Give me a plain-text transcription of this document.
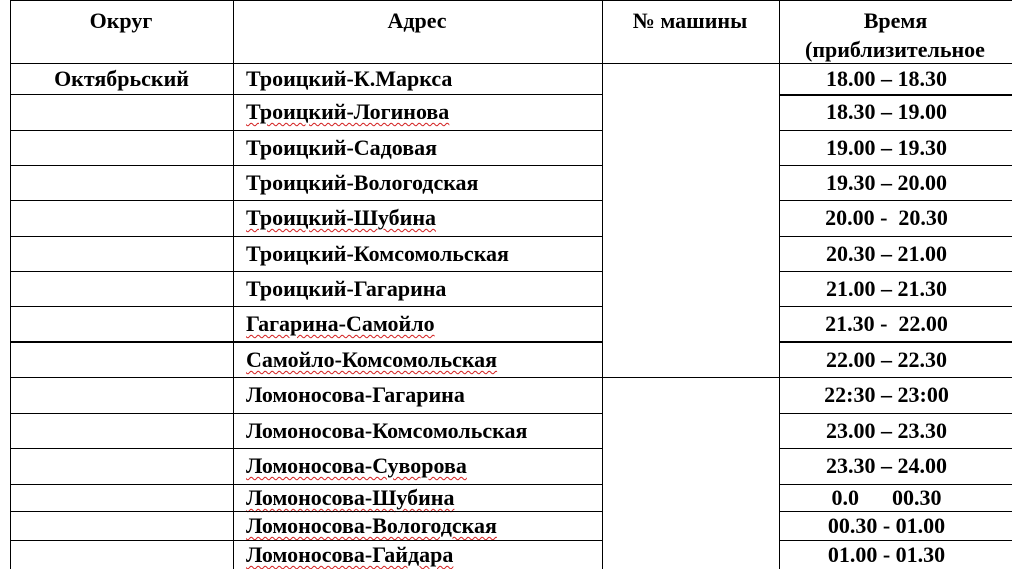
Округ	Адрес	№ машины	Время
(приблизительное
Октябрьский	Троицкий-К.Маркса	18.00 – 18.30
Троицкий-Логинова	18.30 – 19.00
Троицкий-Садовая	19.00 – 19.30
Троицкий-Вологодская	19.30 – 20.00
Троицкий-Шубина	20.00 -  20.30
Троицкий-Комсомольская	20.30 – 21.00
Троицкий-Гагарина	21.00 – 21.30
Гагарина-Самойло	21.30 -  22.00
Самойло-Комсомольская	22.00 – 22.30
Ломоносова-Гагарина	22:30 – 23:00
Ломоносова-Комсомольская	23.00 – 23.30
Ломоносова-Суворова	23.30 – 24.00
Ломоносова-Шубина	0.0      00.30
Ломоносова-Вологодская	00.30 - 01.00
Ломоносова-Гайдара	01.00 - 01.30
